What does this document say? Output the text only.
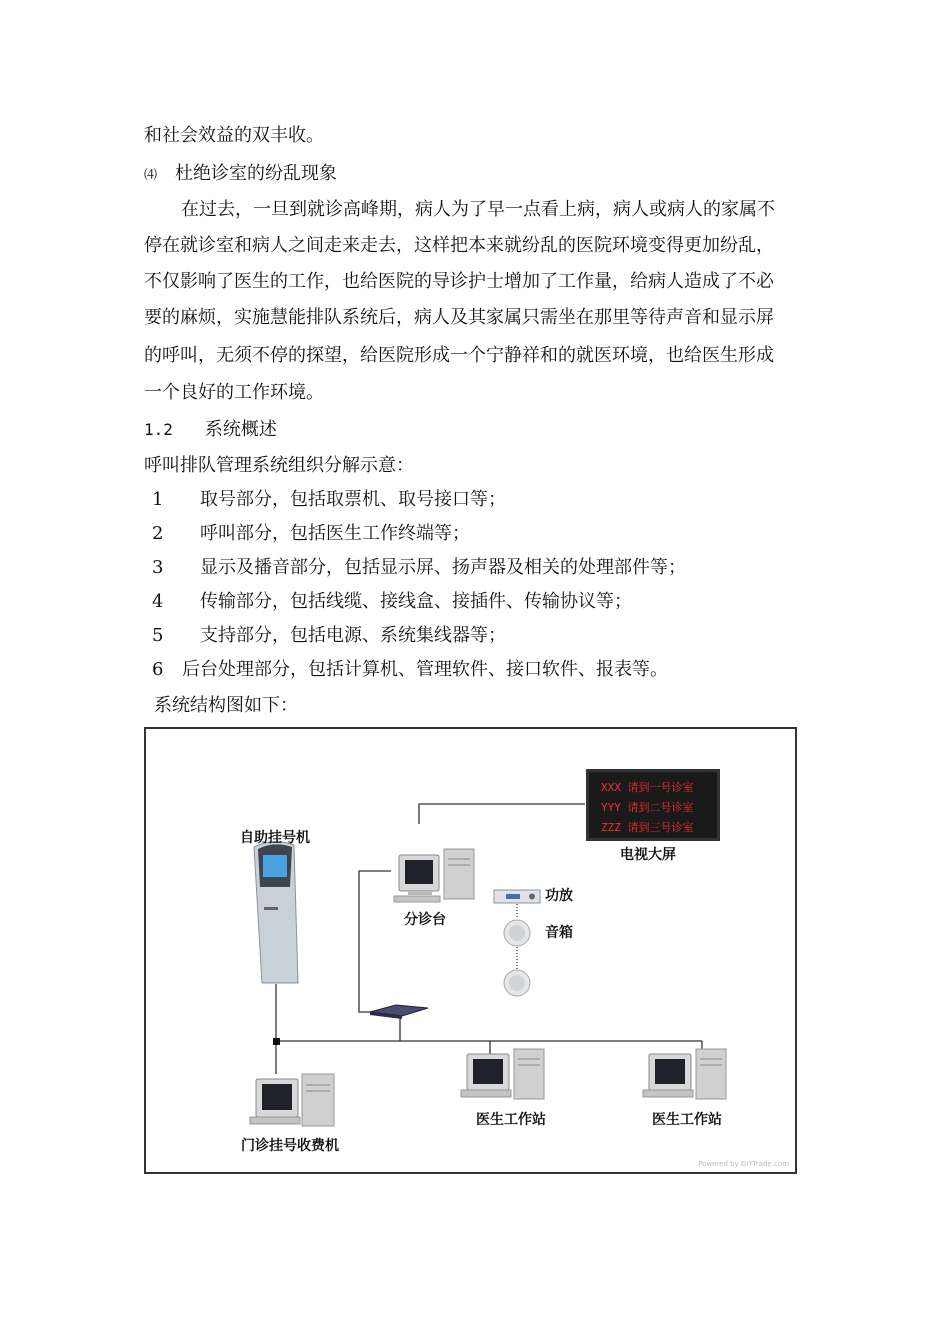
和社会效益的双丰收。
⑷ 杜绝诊室的纷乱现象
在过去，一旦到就诊高峰期，病人为了早一点看上病，病人或病人的家属不
停在就诊室和病人之间走来走去，这样把本来就纷乱的医院环境变得更加纷乱，
不仅影响了医生的工作，也给医院的导诊护士增加了工作量，给病人造成了不必
要的麻烦，实施慧能排队系统后，病人及其家属只需坐在那里等待声音和显示屏
的呼叫，无须不停的探望，给医院形成一个宁静祥和的就医环境，也给医生形成
一个良好的工作环境。
1.2 系统概述
呼叫排队管理系统组织分解示意：
1 取号部分，包括取票机、取号接口等；
2 呼叫部分，包括医生工作终端等；
3 显示及播音部分，包括显示屏、扬声器及相关的处理部件等；
4 传输部分，包括线缆、接线盒、接插件、传输协议等；
5 支持部分，包括电源、系统集线器等；
6 后台处理部分，包括计算机、管理软件、接口软件、报表等。
系统结构图如下：
XXX 请到一号诊室
YYY 请到二号诊室
ZZZ 请到三号诊室
自助挂号机
电视大屏
分诊台
功放
音箱
门诊挂号收费机
医生工作站	医生工作站
Powered by DIYTrade.com
